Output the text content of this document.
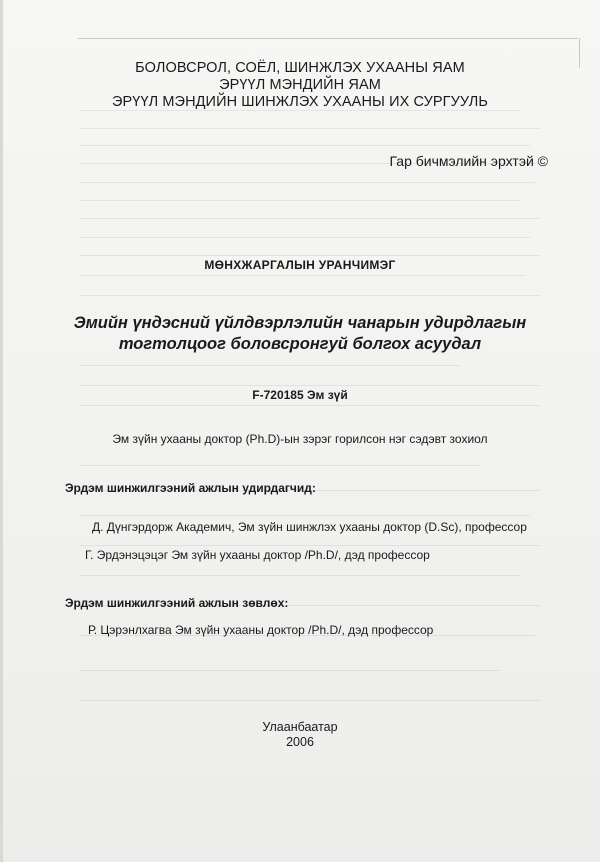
БОЛОВСРОЛ, СОЁЛ, ШИНЖЛЭХ УХААНЫ ЯАМ
ЭРҮҮЛ МЭНДИЙН ЯАМ
ЭРҮҮЛ МЭНДИЙН ШИНЖЛЭХ УХААНЫ ИХ СУРГУУЛЬ
Гар бичмэлийн эрхтэй ©
МӨНХЖАРГАЛЫН УРАНЧИМЭГ
Эмийн үндэсний үйлдвэрлэлийн чанарын удирдлагын
тогтолцоог боловсронгуй болгох асуудал
F-720185 Эм зүй
Эм зүйн ухааны доктор (Ph.D)-ын зэрэг горилсон нэг сэдэвт зохиол
Эрдэм шинжилгээний ажлын удирдагчид:
Д. Дүнгэрдорж Академич, Эм зүйн шинжлэх ухааны доктор (D.Sc), профессор
Г. Эрдэнэцэцэг Эм зүйн ухааны доктор /Ph.D/, дэд профессор
Эрдэм шинжилгээний ажлын зөвлөх:
Р. Цэрэнлхагва Эм зүйн ухааны доктор /Ph.D/, дэд профессор
Улаанбаатар
2006
